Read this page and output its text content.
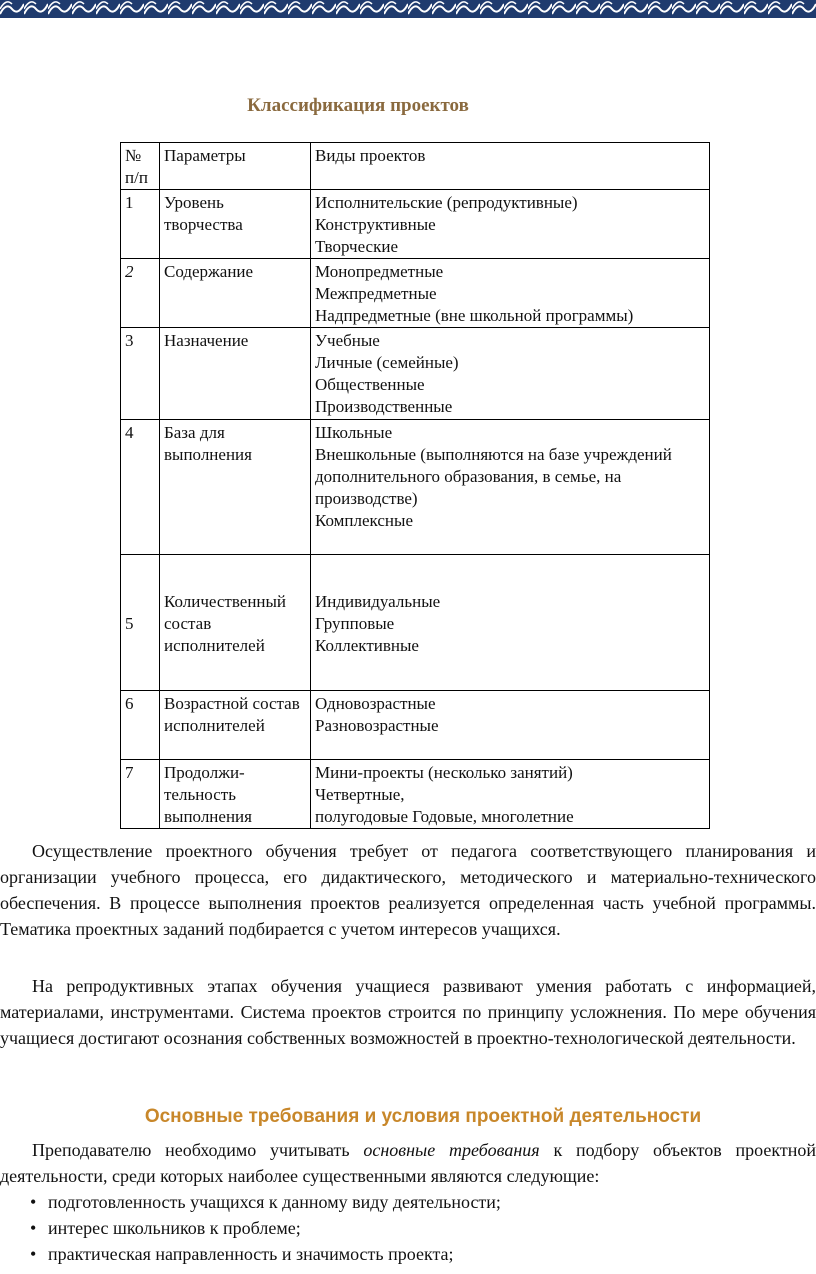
Классификация проектов
№ п/п	Параметры	Виды проектов
1	Уровень творчества	Исполнительские (репродуктивные)
Конструктивные
Творческие

2	Содержание	Монопредметные
Межпредметные
Надпредметные (вне школьной программы)

3	Назначение	Учебные
Личные (семейные)
Общественные
Производственные

4	База для выполнения	Школьные
Внешкольные (выполняются на базе учреждений
дополнительного образования, в семье, на производстве)
Комплексные

5	Количественный состав исполнителей	Индивидуальные
Групповые
Коллективные

6	Возрастной состав исполнителей	Одновозрастные
Разновозрастные

7	Продолжи- тельность выполнения	Мини-проекты (несколько занятий)
Четвертные,
полугодовые Годовые, многолетние
Осуществление проектного обучения требует от педагога соответствующего планирования и организации учебного процесса, его дидактического, методического и материально-технического обеспечения. В процессе выполнения проектов реализуется определенная часть учебной программы. Тематика проектных заданий подбирается с учетом интересов учащихся.
На репродуктивных этапах обучения учащиеся развивают умения работать с информацией, материалами, инструментами. Система проектов строится по принципу усложнения. По мере обучения учащиеся достигают осознания собственных возможностей в проектно-технологической деятельности.
Основные требования и условия проектной деятельности
Преподавателю необходимо учитывать основные требования к подбору объектов проектной деятельности, среди которых наиболее существенными являются следующие:
• подготовленность учащихся к данному виду деятельности;
• интерес школьников к проблеме;
• практическая направленность и значимость проекта;
